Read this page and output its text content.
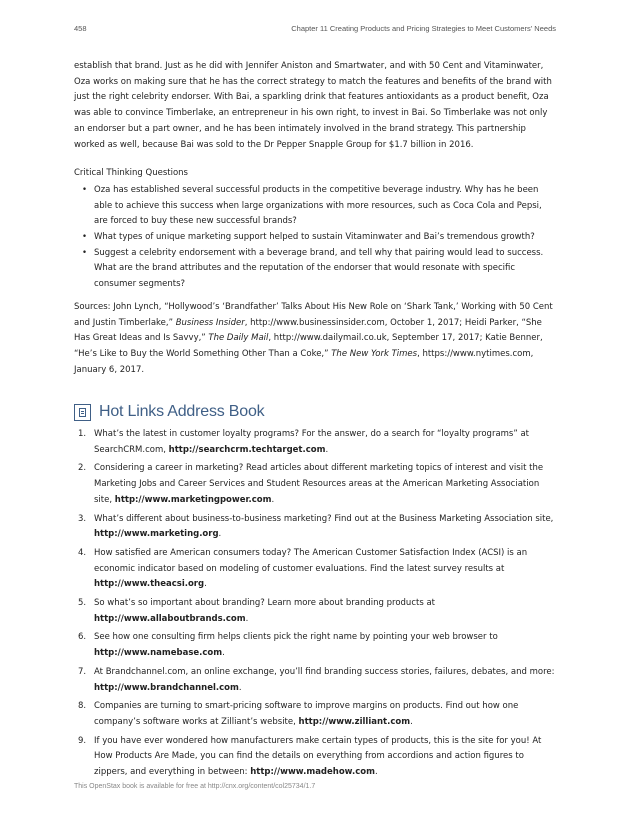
458	Chapter 11 Creating Products and Pricing Strategies to Meet Customers' Needs

establish that brand. Just as he did with Jennifer Aniston and Smartwater, and with 50 Cent and Vitaminwater, Oza works on making sure that he has the correct strategy to match the features and benefits of the brand with just the right celebrity endorser. With Bai, a sparkling drink that features antioxidants as a product benefit, Oza was able to convince Timberlake, an entrepreneur in his own right, to invest in Bai. So Timberlake was not only an endorser but a part owner, and he has been intimately involved in the brand strategy. This partnership worked as well, because Bai was sold to the Dr Pepper Snapple Group for $1.7 billion in 2016.

Critical Thinking Questions

• Oza has established several successful products in the competitive beverage industry. Why has he been able to achieve this success when large organizations with more resources, such as Coca Cola and Pepsi, are forced to buy these new successful brands?
• What types of unique marketing support helped to sustain Vitaminwater and Bai’s tremendous growth?
• Suggest a celebrity endorsement with a beverage brand, and tell why that pairing would lead to success. What are the brand attributes and the reputation of the endorser that would resonate with specific consumer segments?

Sources: John Lynch, “Hollywood’s ‘Brandfather’ Talks About His New Role on ‘Shark Tank,’ Working with 50 Cent and Justin Timberlake,” Business Insider, http://www.businessinsider.com, October 1, 2017; Heidi Parker, “She Has Great Ideas and Is Savvy,” The Daily Mail, http://www.dailymail.co.uk, September 17, 2017; Katie Benner, “He’s Like to Buy the World Something Other Than a Coke,” The New York Times, https://www.nytimes.com, January 6, 2017.

Hot Links Address Book
1. What’s the latest in customer loyalty programs? For the answer, do a search for “loyalty programs” at SearchCRM.com, http://searchcrm.techtarget.com.
2. Considering a career in marketing? Read articles about different marketing topics of interest and visit the Marketing Jobs and Career Services and Student Resources areas at the American Marketing Association site, http://www.marketingpower.com.
3. What’s different about business-to-business marketing? Find out at the Business Marketing Association site, http://www.marketing.org.
4. How satisfied are American consumers today? The American Customer Satisfaction Index (ACSI) is an economic indicator based on modeling of customer evaluations. Find the latest survey results at http://www.theacsi.org.
5. So what’s so important about branding? Learn more about branding products at http://www.allaboutbrands.com.
6. See how one consulting firm helps clients pick the right name by pointing your web browser to http://www.namebase.com.
7. At Brandchannel.com, an online exchange, you’ll find branding success stories, failures, debates, and more: http://www.brandchannel.com.
8. Companies are turning to smart-pricing software to improve margins on products. Find out how one company’s software works at Zilliant’s website, http://www.zilliant.com.
9. If you have ever wondered how manufacturers make certain types of products, this is the site for you! At How Products Are Made, you can find the details on everything from accordions and action figures to zippers, and everything in between: http://www.madehow.com.
This OpenStax book is available for free at http://cnx.org/content/col25734/1.7
